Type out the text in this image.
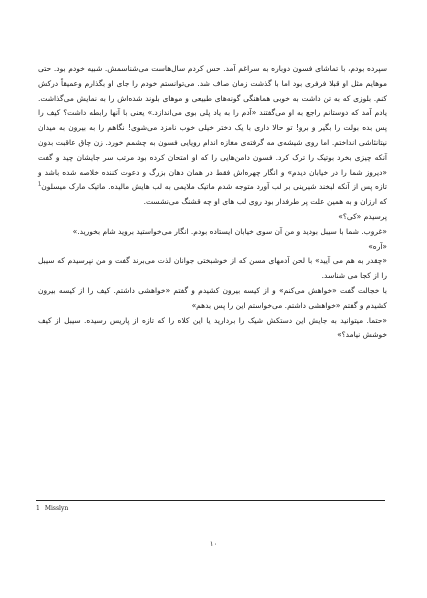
سپرده بودم، با تماشای فسون دوباره به سراغم آمد. حس کردم سال‌هاست می‌شناسمش. شبیه خودم بود. حتی موهایم مثل او قبلا فرفری بود اما با گذشت زمان صاف شد. می‌توانستم خودم را جای او بگذارم وعمیقاً درکش کنم. بلوزی که به تن داشت به خوبی هماهنگی گونه‌های طبیعی و موهای بلوند شده‌اش را به نمایش می‌گذاشت. یادم آمد که دوستانم راجع به او می‌گفتند «آدم را به یاد پلی بوی می‌اندازد.» یعنی با آنها رابطه داشت؟ کیف را پس بده بولت را بگیر و برو! تو حالا داری با یک دختر خیلی خوب نامزد می‌شوی! نگاهم را به بیرون به میدان نیتانئاشی انداختم. اما روی شیشه‌ی مه گرفته‌ی مغازه اندام رویایی فسون به چشمم خورد. زن چاق عاقبت بدون آنکه چیزی بخرد بوتیک را ترک کرد. فسون دامن‌هایی را که او امتحان کرده بود مرتب سر جایشان چید و گفت «دیروز شما را در خیابان دیدم» و انگار چهره‌اش فقط در همان دهان بزرگ و دعوت کننده خلاصه شده باشد و تازه پس از آنکه لبخند شیرینی بر لب آورد متوجه شدم ماتیک ملایمی به لب هایش مالیده. ماتیک مارک میسلون$^1$ که ارزان و به همین علت پر طرفدار بود روی لب های او چه قشنگ می‌نشست.

پرسیدم «کی؟»

«غروب. شما با سیبل بودید و من آن سوی خیابان ایستاده بودم. انگار می‌خواستید بروید شام بخورید.»

«آره»

«چقدر به هم می آیید» با لحن آدمهای مسن که از خوشبختی جوانان لذت می‌برند گفت و من نپرسیدم که سیبل را از کجا می شناسد.

با خجالت گفت «خواهش می‌کنم» و از کیسه بیرون کشیدم و گفتم «خواهشی داشتم. کیف را از کیسه بیرون کشیدم و گفتم «خواهشی داشتم. می‌خواستم این را پس بدهم»

«حتما. میتوانید به جایش این دستکش شیک را بردارید یا این کلاه را که تازه از پاریس رسیده. سیبل از کیف خوشش نیامد؟»

1 Misslyn
۱۰
